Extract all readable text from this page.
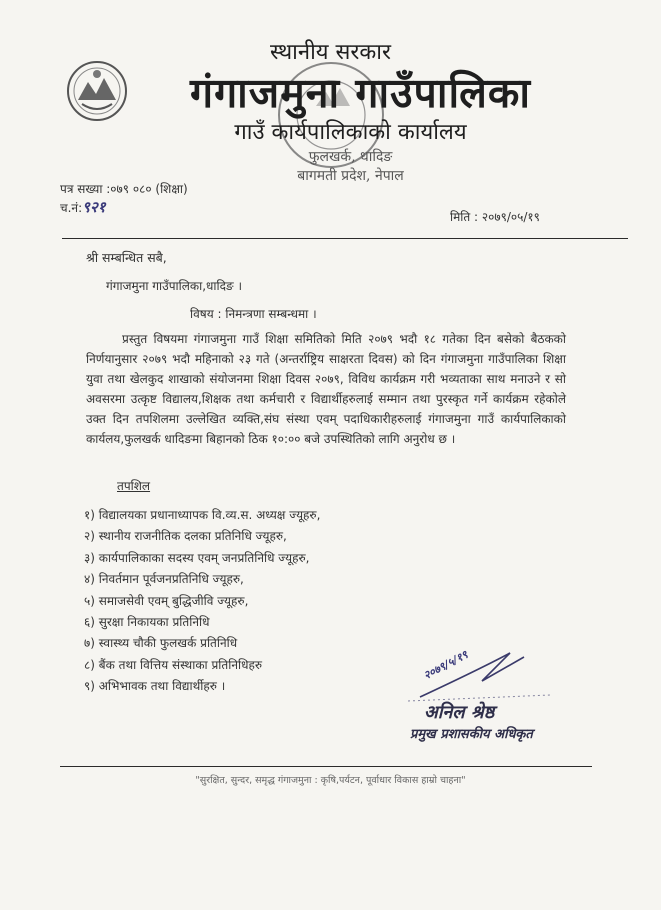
स्थानीय सरकार
गंगाजमुना गाउँपालिका
गाउँ कार्यपालिकाको कार्यालय
फुलखर्क, धादिङ
बागमती प्रदेश, नेपाल
पत्र सख्या :०७९ ०८० (शिक्षा)
च.नं:९२१
मिति : २०७९/०५/१९
श्री सम्बन्धित सबै,
गंगाजमुना गाउँपालिका,धादिङ ।
विषय : निमन्त्रणा सम्बन्धमा ।

प्रस्तुत विषयमा गंगाजमुना गाउँ शिक्षा समितिको मिति २०७९ भदौ १८ गतेका दिन बसेको बैठकको निर्णयानुसार २०७९ भदौ महिनाको २३ गते (अन्तर्राष्ट्रिय साक्षरता दिवस) को दिन गंगाजमुना गाउँपालिका शिक्षा युवा तथा खेलकुद शाखाको संयोजनमा शिक्षा दिवस २०७९, विविध कार्यक्रम गरी भव्यताका साथ मनाउने र सो अवसरमा उत्कृष्ट विद्यालय,शिक्षक तथा कर्मचारी र विद्यार्थीहरुलाई सम्मान तथा पुरस्कृत गर्ने कार्यक्रम रहेकोले उक्त दिन तपशिलमा उल्लेखित व्यक्ति,संघ संस्था एवम् पदाधिकारीहरुलाई गंगाजमुना गाउँ कार्यपालिकाको कार्यलय,फुलखर्क धादिङमा बिहानको ठिक १०:०० बजे उपस्थितिको लागि अनुरोध छ ।

तपशिल
१) विद्यालयका प्रधानाध्यापक वि.व्य.स. अध्यक्ष ज्यूहरु,
२) स्थानीय राजनीतिक दलका प्रतिनिधि ज्यूहरु,
३) कार्यपालिकाका सदस्य एवम् जनप्रतिनिधि ज्यूहरु,
४) निवर्तमान पूर्वजनप्रतिनिधि ज्यूहरु,
५) समाजसेवी एवम् बुद्धिजीवि ज्यूहरु,
६) सुरक्षा निकायका प्रतिनिधि
७) स्वास्थ्य चौकी फुलखर्क प्रतिनिधि
८) बैंक तथा वित्तिय संस्थाका प्रतिनिधिहरु
९) अभिभावक तथा विद्यार्थीहरु ।
२०७९/५/१९
अनिल श्रेष्ठ
प्रमुख प्रशासकीय अधिकृत
"सुरक्षित, सुन्दर, समृद्ध गंगाजमुना : कृषि,पर्यटन, पूर्वाधार विकास हाम्रो चाहना"
